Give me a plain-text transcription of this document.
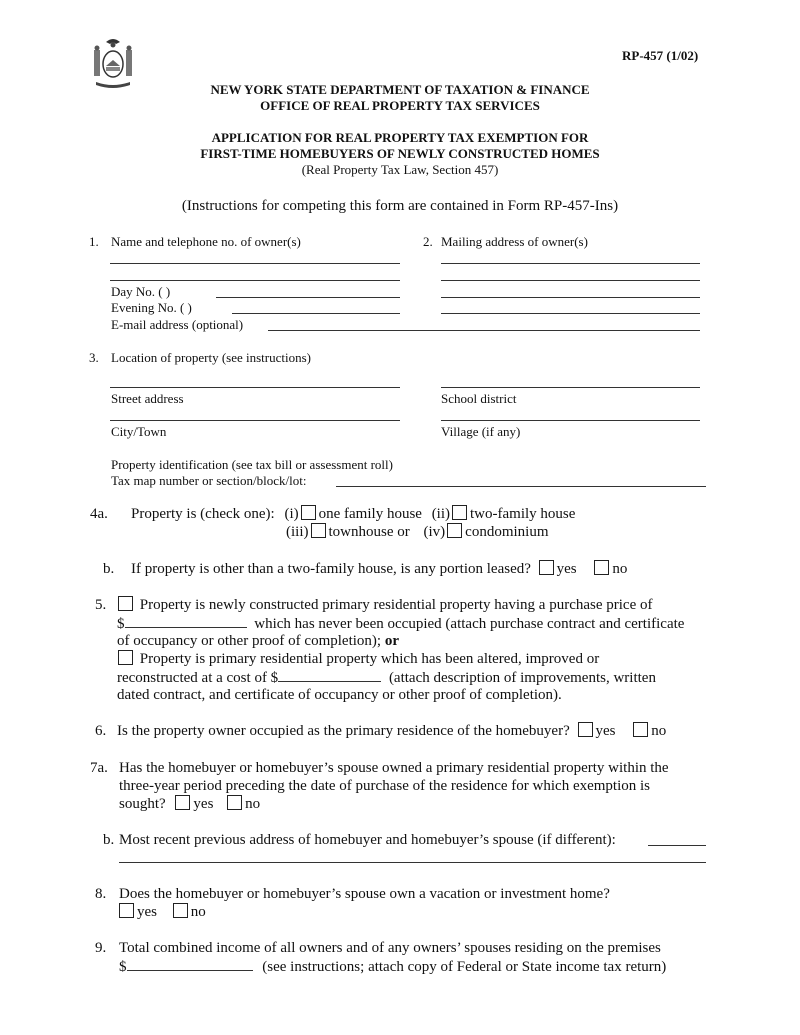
RP-457 (1/02)
NEW YORK STATE DEPARTMENT OF TAXATION & FINANCE
OFFICE OF REAL PROPERTY TAX SERVICES
APPLICATION FOR REAL PROPERTY TAX EXEMPTION FOR
FIRST-TIME HOMEBUYERS OF NEWLY CONSTRUCTED HOMES
(Real Property Tax Law, Section 457)
(Instructions for competing this form are contained in Form RP-457-Ins)
1. Name and telephone no. of owner(s)
Day No. ( )
Evening No. ( )
E-mail address (optional)
2. Mailing address of owner(s)
3. Location of property (see instructions)
Street address	School district
City/Town	Village (if any)
Property identification (see tax bill or assessment roll)
Tax map number or section/block/lot:
4a. Property is (check one): (i) one family house (ii) two-family house
(iii) townhouse or (iv) condominium
b. If property is other than a two-family house, is any portion leased? yes no
5.	Property is newly constructed primary residential property having a purchase price of
$	which has never been occupied (attach purchase contract and certificate
of occupancy or other proof of completion); or
Property is primary residential property which has been altered, improved or
reconstructed at a cost of $	(attach description of improvements, written
dated contract, and certificate of occupancy or other proof of completion).
6. Is the property owner occupied as the primary residence of the homebuyer? yes no
7a. Has the homebuyer or homebuyer’s spouse owned a primary residential property within the
three-year period preceding the date of purchase of the residence for which exemption is
sought? yes no
b. Most recent previous address of homebuyer and homebuyer’s spouse (if different):
8. Does the homebuyer or homebuyer’s spouse own a vacation or investment home?
yes no
9. Total combined income of all owners and of any owners’ spouses residing on the premises
$	(see instructions; attach copy of Federal or State income tax return)
